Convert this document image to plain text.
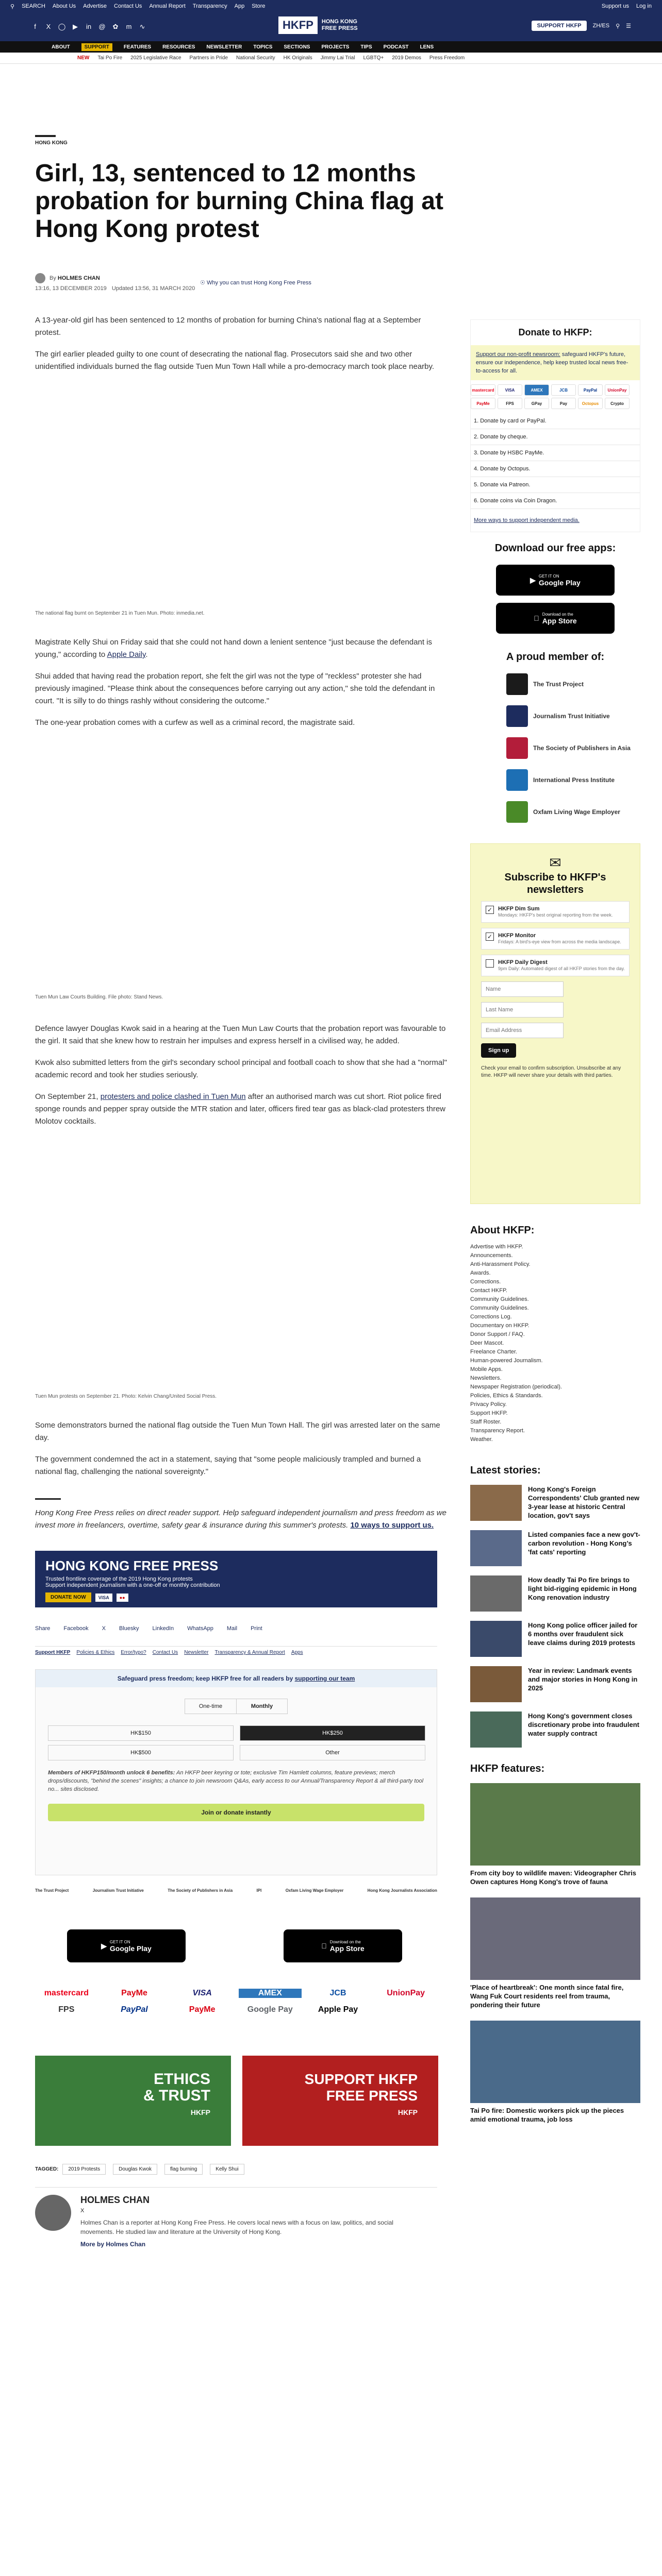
⚲ SEARCH About Us Advertise Contact Us Annual Report Transparency App Store	Support us Log in
f	X ◯ ▶ in @ ✿ m ∿	HKFP	HONG KONG
FREE PRESS	SUPPORT HKFP	ZH/ES ⚲ ☰
ABOUT	SUPPORT	FEATURES RESOURCES NEWSLETTER TOPICS SECTIONS PROJECTS TIPS PODCAST LENS
NEW Tai Po Fire 2025 Legislative Race Partners in Pride National Security HK Originals Jimmy Lai Trial LGBTQ+ 2019 Demos Press Freedom
HONG KONG
Girl, 13, sentenced to 12 months probation for burning China flag at Hong Kong protest
By HOLMES CHAN
13:16, 13 DECEMBER 2019 Updated 13:56, 31 MARCH 2020
☉ Why you can trust Hong Kong Free Press

A 13-year-old girl has been sentenced to 12 months of probation for burning China's national flag at a September protest.

The girl earlier pleaded guilty to one count of desecrating the national flag. Prosecutors said she and two other unidentified individuals burned the flag outside Tuen Mun Town Hall while a pro-democracy march took place nearby.

The national flag burnt on September 21 in Tuen Mun. Photo: inmedia.net.

Magistrate Kelly Shui on Friday said that she could not hand down a lenient sentence "just because the defendant is young," according to Apple Daily.

Shui added that having read the probation report, she felt the girl was not the type of "reckless" protester she had previously imagined. "Please think about the consequences before carrying out any action," she told the defendant in court. "It is silly to do things rashly without considering the outcome."

The one-year probation comes with a curfew as well as a criminal record, the magistrate said.

Tuen Mun Law Courts Building. File photo: Stand News.

Defence lawyer Douglas Kwok said in a hearing at the Tuen Mun Law Courts that the probation report was favourable to the girl. It said that she knew how to restrain her impulses and express herself in a civilised way, he added.

Kwok also submitted letters from the girl's secondary school principal and football coach to show that she had a "normal" academic record and took her studies seriously.

On September 21, protesters and police clashed in Tuen Mun after an authorised march was cut short. Riot police fired sponge rounds and pepper spray outside the MTR station and later, officers fired tear gas as black-clad protesters threw Molotov cocktails.

Tuen Mun protests on September 21. Photo: Kelvin Chang/United Social Press.

Some demonstrators burned the national flag outside the Tuen Mun Town Hall. The girl was arrested later on the same day.

The government condemned the act in a statement, saying that "some people maliciously trampled and burned a national flag, challenging the national sovereignty."

Hong Kong Free Press relies on direct reader support. Help safeguard independent journalism and press freedom as we invest more in freelancers, overtime, safety gear & insurance during this summer's protests. 10 ways to support us.

HONG KONG FREE PRESS
Trusted frontline coverage of the 2019 Hong Kong protests
Support independent journalism with a one-off or monthly contribution
DONATE NOW	VISA	●●
Share Facebook X Bluesky LinkedIn WhatsApp Mail Print
Support HKFP Policies & Ethics Error/typo? Contact Us Newsletter Transparency & Annual Report Apps
Safeguard press freedom; keep HKFP free for all readers by supporting our team
One-time	Monthly
HK$150	HK$250
HK$500	Other

Members of HKFP150/month unlock 6 benefits: An HKFP beer keyring or tote; exclusive Tim Hamlett columns, feature previews; merch drops/discounts, "behind the scenes" insights; a chance to join newsroom Q&As, early access to our Annual/Transparency Report & all third-party tool no... sites disclosed.

Join or donate instantly
The Trust Project	Journalism Trust Initiative	The Society of Publishers in Asia	IPI	Oxfam Living Wage Employer	Hong Kong Journalists Association
▶ GET IT ON
Google Play
Download on the
App Store
mastercard	PayMe	VISA	AMEX	JCB	UnionPay
FPS	PayPal	PayMe	Google Pay	Apple Pay
ETHICS
& TRUST
HKFP
SUPPORT HKFP
FREE PRESS
HKFP
TAGGED:	2019 Protests	Douglas Kwok	flag burning	Kelly Shui
HOLMES CHAN
X
Holmes Chan is a reporter at Hong Kong Free Press. He covers local news with a focus on law, politics, and social movements. He studied law and literature at the University of Hong Kong.
More by Holmes Chan
Donate to HKFP:
Support our non-profit newsroom: safeguard HKFP's future, ensure our independence, help keep trusted local news free-to-access for all.
mastercard	VISA	AMEX	JCB	PayPal	UnionPay
PayMe	FPS	GPay	Pay	Octopus	Crypto
1. Donate by card or PayPal.
2. Donate by cheque.
3. Donate by HSBC PayMe.
4. Donate by Octopus.
5. Donate via Patreon.
6. Donate coins via Coin Dragon.
More ways to support independent media.
Download our free apps:
▶ GET IT ON
Google Play
Download on the
App Store
A proud member of:
The Trust Project
Journalism Trust Initiative
The Society of Publishers in Asia
International Press Institute
Oxfam Living Wage Employer
✉
Subscribe to HKFP's newsletters
✓ HKFP Dim Sum
Mondays: HKFP's best original reporting from the week.
✓ HKFP Monitor
Fridays: A bird's-eye view from across the media landscape.
HKFP Daily Digest
9pm Daily: Automated digest of all HKFP stories from the day.
Name Last Name Email Address
Sign up
Check your email to confirm subscription. Unsubscribe at any time. HKFP will never share your details with third parties.
About HKFP:
Advertise with HKFP.
Announcements.
Anti-Harassment Policy.
Awards.
Corrections.
Contact HKFP.
Community Guidelines.
Community Guidelines.
Corrections Log.
Documentary on HKFP.
Donor Support / FAQ.
Deer Mascot.
Freelance Charter.
Human-powered Journalism.
Mobile Apps.
Newsletters.
Newspaper Registration (periodical).
Policies, Ethics & Standards.
Privacy Policy.
Support HKFP.
Staff Roster.
Transparency Report.
Weather.
Latest stories:
Hong Kong's Foreign Correspondents' Club granted new 3-year lease at historic Central location, gov't says
Listed companies face a new gov't-carbon revolution - Hong Kong’s 'fat cats' reporting
How deadly Tai Po fire brings to light bid-rigging epidemic in Hong Kong renovation industry
Hong Kong police officer jailed for 6 months over fraudulent sick leave claims during 2019 protests
Year in review: Landmark events and major stories in Hong Kong in 2025
Hong Kong's government closes discretionary probe into fraudulent water supply contract
HKFP features:
From city boy to wildlife maven: Videographer Chris Owen captures Hong Kong's trove of fauna
'Place of heartbreak': One month since fatal fire, Wang Fuk Court residents reel from trauma, pondering their future
Tai Po fire: Domestic workers pick up the pieces amid emotional trauma, job loss
